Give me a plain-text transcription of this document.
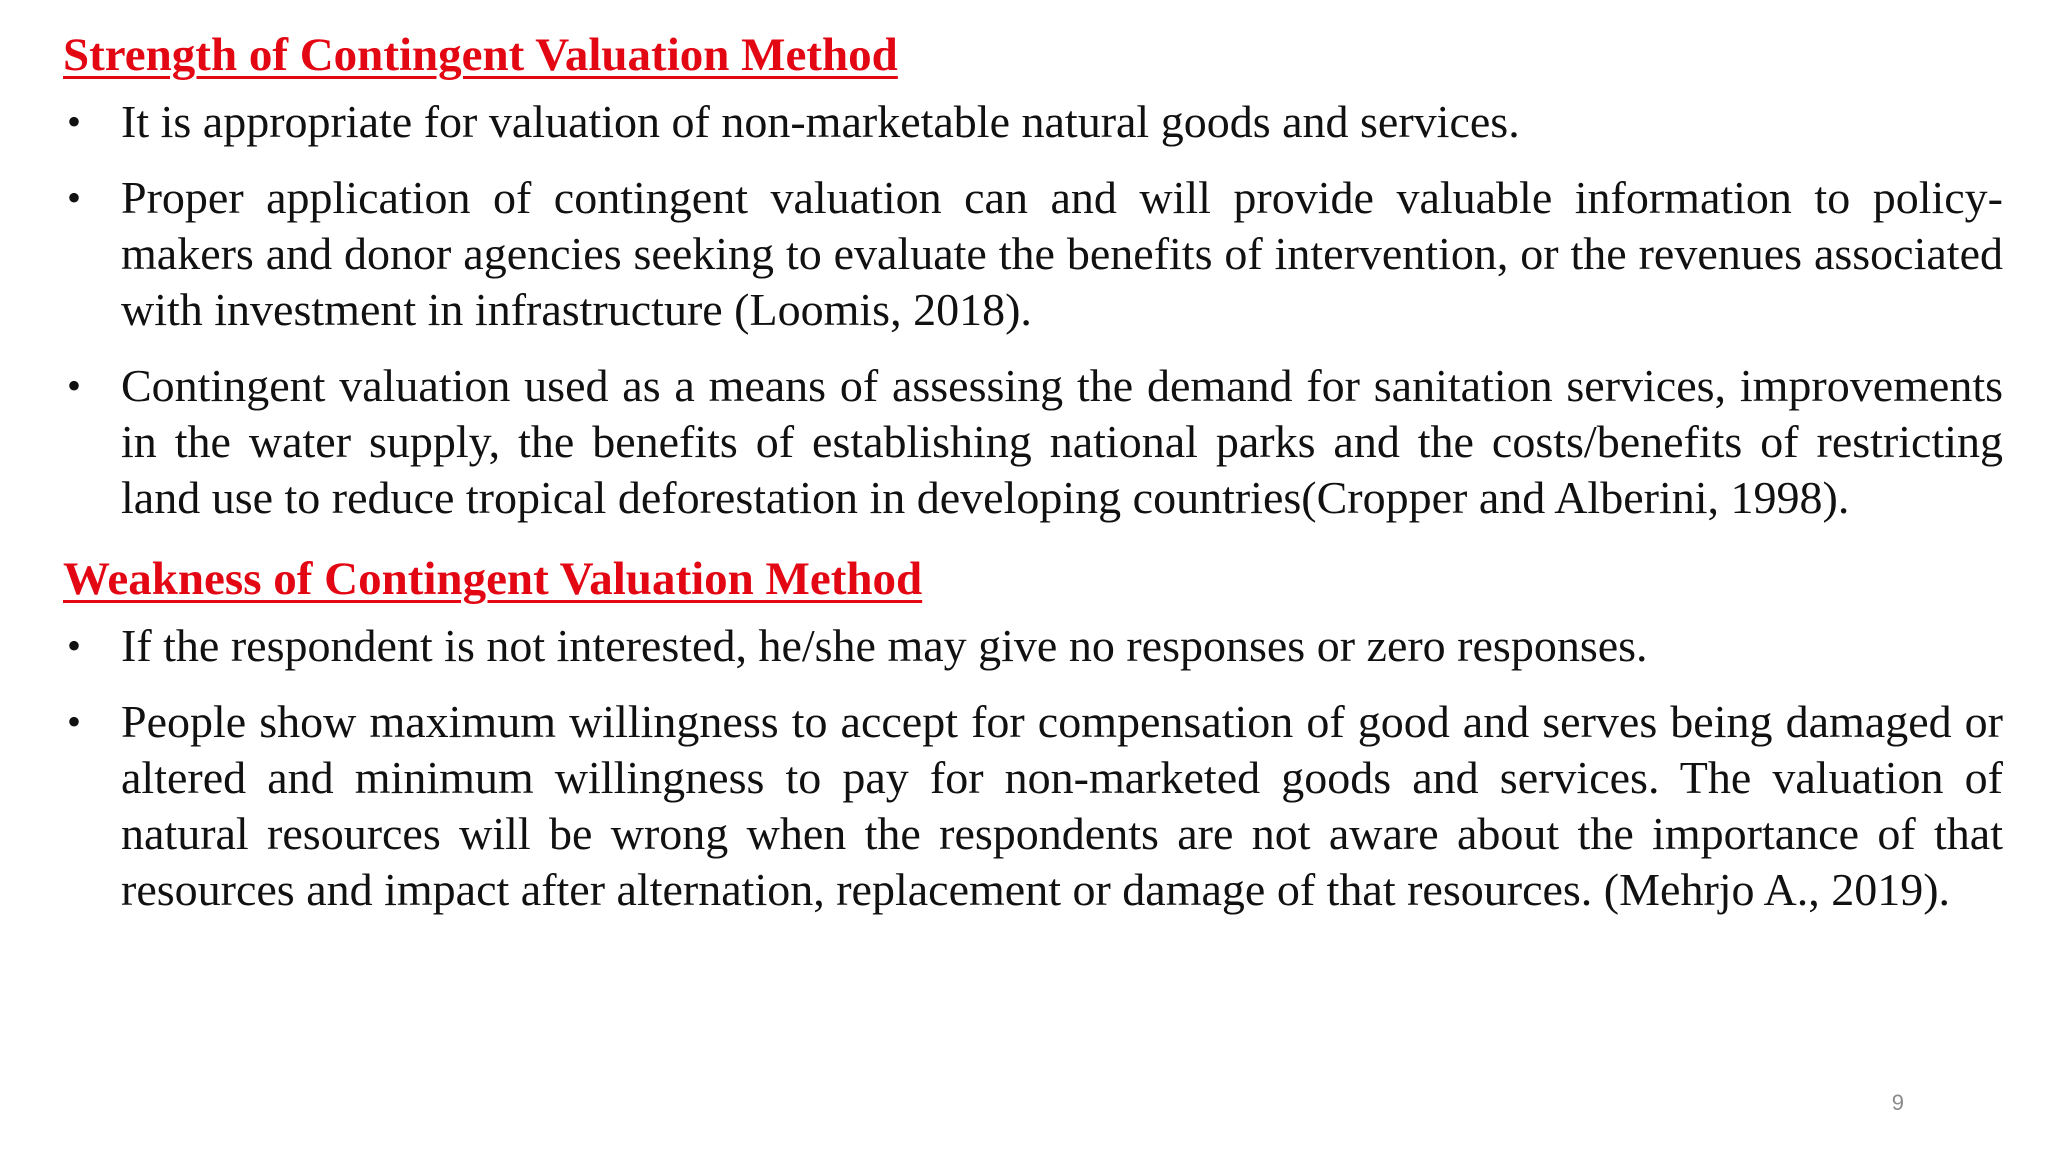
Strength of Contingent Valuation Method
• It is appropriate for valuation of non-marketable natural goods and services.
• Proper application of contingent valuation can and will provide valuable information to policy-makers and donor agencies seeking to evaluate the benefits of intervention, or the revenues associated with investment in infrastructure (Loomis, 2018).
• Contingent valuation used as a means of assessing the demand for sanitation services, improvements in the water supply, the benefits of establishing national parks and the costs/benefits of restricting land use to reduce tropical deforestation in developing countries(Cropper and Alberini, 1998).
Weakness of Contingent Valuation Method
• If the respondent is not interested, he/she may give no responses or zero responses.
• People show maximum willingness to accept for compensation of good and serves being damaged or altered and minimum willingness to pay for non-marketed goods and services. The valuation of natural resources will be wrong when the respondents are not aware about the importance of that resources and impact after alternation, replacement or damage of that resources. (Mehrjo A., 2019).
9
